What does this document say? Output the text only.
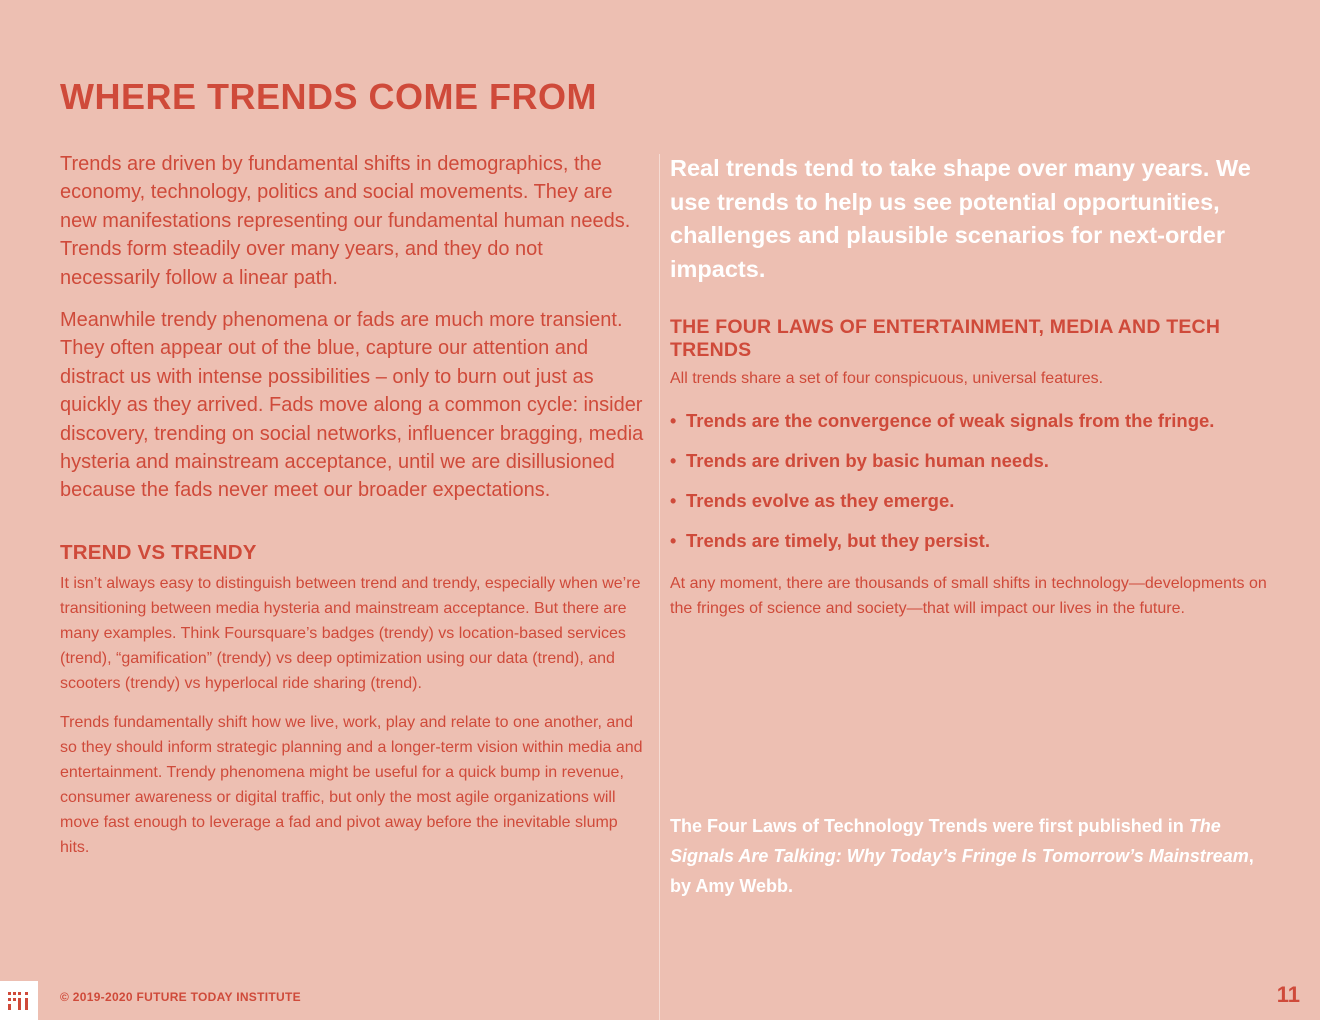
WHERE TRENDS COME FROM

Trends are driven by fundamental shifts in demographics, the economy, technology, politics and social movements. They are new manifestations representing our fundamental human needs. Trends form steadily over many years, and they do not necessarily follow a linear path.

Meanwhile trendy phenomena or fads are much more transient. They often appear out of the blue, capture our attention and distract us with intense possibilities – only to burn out just as quickly as they arrived. Fads move along a common cycle: insider discovery, trending on social networks, influencer bragging, media hysteria and mainstream acceptance, until we are disillusioned because the fads never meet our broader expectations.

TREND VS TRENDY

It isn’t always easy to distinguish between trend and trendy, especially when we’re transitioning between media hysteria and mainstream acceptance. But there are many examples. Think Foursquare’s badges (trendy) vs location-based services (trend), “gamification” (trendy) vs deep optimization using our data (trend), and scooters (trendy) vs hyperlocal ride sharing (trend).

Trends fundamentally shift how we live, work, play and relate to one another, and so they should inform strategic planning and a longer-term vision within media and entertainment. Trendy phenomena might be useful for a quick bump in revenue, consumer awareness or digital traffic, but only the most agile organizations will move fast enough to leverage a fad and pivot away before the inevitable slump hits.

Real trends tend to take shape over many years. We use trends to help us see potential opportunities, challenges and plausible scenarios for next-order impacts.

THE FOUR LAWS OF ENTERTAINMENT, MEDIA AND TECH TRENDS

All trends share a set of four conspicuous, universal features.

• Trends are the convergence of weak signals from the fringe.
• Trends are driven by basic human needs.
• Trends evolve as they emerge.
• Trends are timely, but they persist.

At any moment, there are thousands of small shifts in technology—developments on the fringes of science and society—that will impact our lives in the future.

The Four Laws of Technology Trends were first published in The Signals Are Talking: Why Today’s Fringe Is Tomorrow’s Mainstream, by Amy Webb.

© 2019-2020 FUTURE TODAY INSTITUTE	11
